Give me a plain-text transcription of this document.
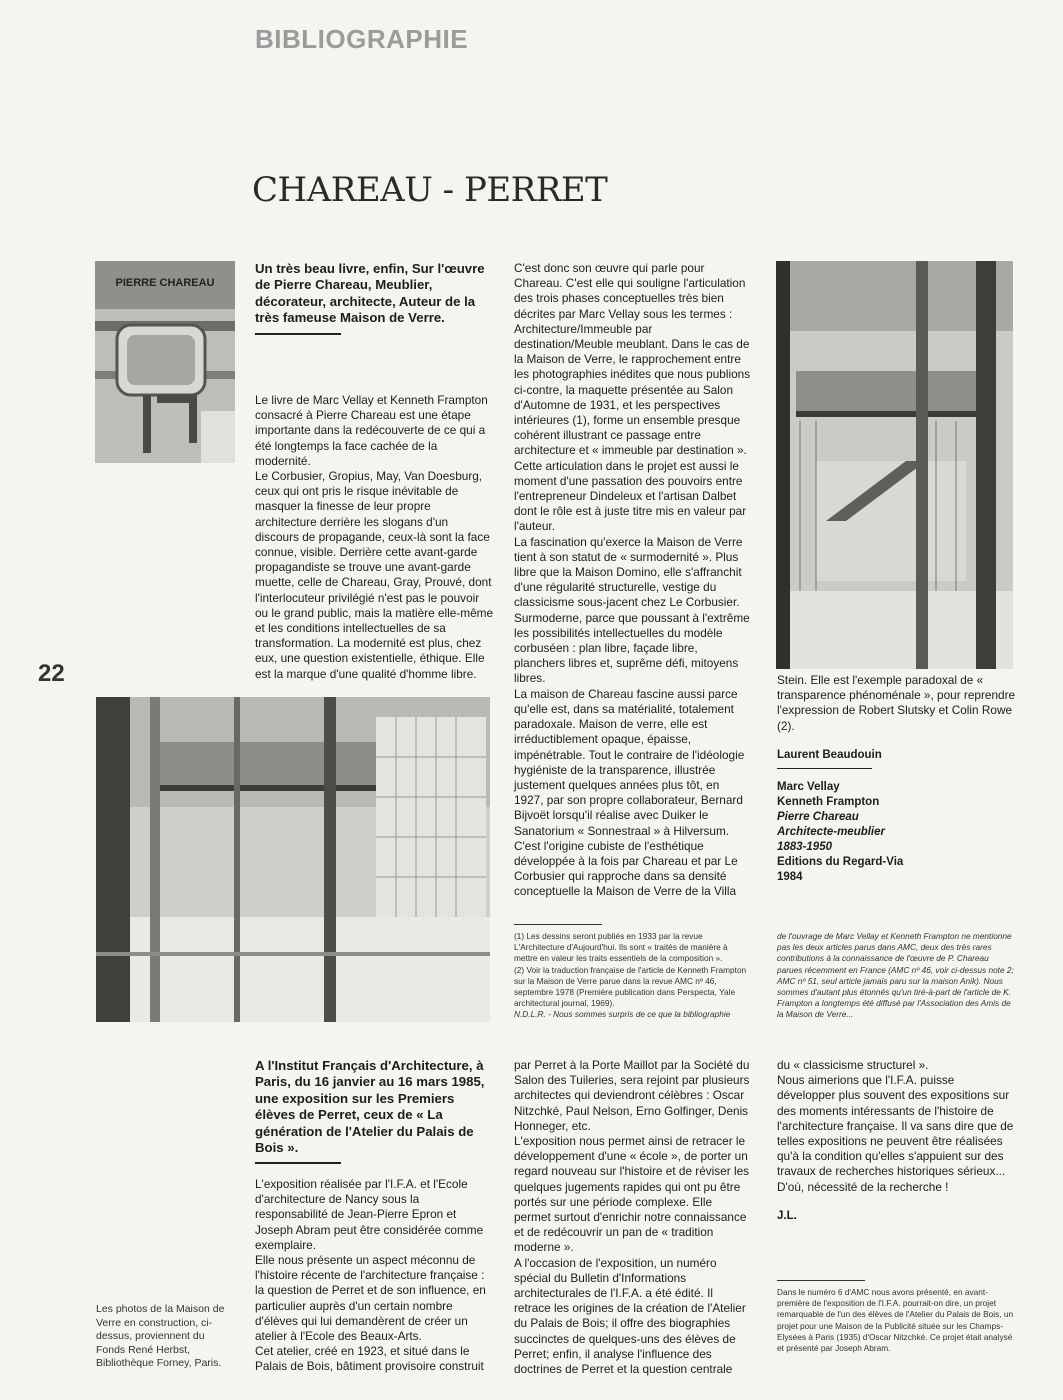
BIBLIOGRAPHIE
CHAREAU - PERRET
22
PIERRE CHAREAU

Un très beau livre, enfin, Sur l'œuvre de Pierre Chareau, Meublier, décorateur, architecte, Auteur de la très fameuse Maison de Verre.

Le livre de Marc Vellay et Kenneth Frampton consacré à Pierre Chareau est une étape importante dans la redécouverte de ce qui a été longtemps la face cachée de la modernité.

Le Corbusier, Gropius, May, Van Doesburg, ceux qui ont pris le risque inévitable de masquer la finesse de leur propre architecture derrière les slogans d'un discours de propagande, ceux-là sont la face connue, visible. Derrière cette avant-garde propagandiste se trouve une avant-garde muette, celle de Chareau, Gray, Prouvé, dont l'interlocuteur privilégié n'est pas le pouvoir ou le grand public, mais la matière elle-même et les conditions intellectuelles de sa transformation. La modernité est plus, chez eux, une question existentielle, éthique. Elle est la marque d'une qualité d'homme libre.

C'est donc son œuvre qui parle pour Chareau. C'est elle qui souligne l'articulation des trois phases conceptuelles très bien décrites par Marc Vellay sous les termes : Architecture/Immeuble par destination/Meuble meublant. Dans le cas de la Maison de Verre, le rapprochement entre les photographies inédites que nous publions ci-contre, la maquette présentée au Salon d'Automne de 1931, et les perspectives intérieures (1), forme un ensemble presque cohérent illustrant ce passage entre architecture et « immeuble par destination ». Cette articulation dans le projet est aussi le moment d'une passation des pouvoirs entre l'entrepreneur Dindeleux et l'artisan Dalbet dont le rôle est à juste titre mis en valeur par l'auteur.

La fascination qu'exerce la Maison de Verre tient à son statut de « surmodernité ». Plus libre que la Maison Domino, elle s'affranchit d'une régularité structurelle, vestige du classicisme sous-jacent chez Le Corbusier. Surmoderne, parce que poussant à l'extrême les possibilités intellectuelles du modèle corbuséen : plan libre, façade libre, planchers libres et, suprême défi, mitoyens libres.

La maison de Chareau fascine aussi parce qu'elle est, dans sa matérialité, totalement paradoxale. Maison de verre, elle est irréductiblement opaque, épaisse, impénétrable. Tout le contraire de l'idéologie hygiéniste de la transparence, illustrée justement quelques années plus tôt, en 1927, par son propre collaborateur, Bernard Bijvoët lorsqu'il réalise avec Duiker le Sanatorium « Sonnestraal » à Hilversum. C'est l'origine cubiste de l'esthétique développée à la fois par Chareau et par Le Corbusier qui rapproche dans sa densité conceptuelle la Maison de Verre de la Villa

Stein. Elle est l'exemple paradoxal de « transparence phénoménale », pour reprendre l'expression de Robert Slutsky et Colin Rowe (2).

Laurent Beaudouin
Marc Vellay
Kenneth Frampton
Pierre Chareau
Architecte-meublier
1883-1950
Editions du Regard-Via
1984

(1) Les dessins seront publiés en 1933 par la revue L'Architecture d'Aujourd'hui. Ils sont « traités de manière à mettre en valeur les traits essentiels de la composition ».

(2) Voir la traduction française de l'article de Kenneth Frampton sur la Maison de Verre parue dans la revue AMC nº 46, septembre 1978 (Première publication dans Perspecta, Yale architectural journal, 1969).

N.D.L.R. - Nous sommes surpris de ce que la bibliographie

de l'ouvrage de Marc Vellay et Kenneth Frampton ne mentionne pas les deux articles parus dans AMC, deux des très rares contributions à la connaissance de l'œuvre de P. Chareau parues récemment en France (AMC nº 46, voir ci-dessus note 2; AMC nº 51, seul article jamais paru sur la maison Anik). Nous sommes d'autant plus étonnés qu'un tiré-à-part de l'article de K. Frampton a longtemps été diffusé par l'Association des Amis de la Maison de Verre...

A l'Institut Français d'Architecture, à Paris, du 16 janvier au 16 mars 1985, une exposition sur les Premiers élèves de Perret, ceux de « La génération de l'Atelier du Palais de Bois ».

L'exposition réalisée par l'I.F.A. et l'Ecole d'architecture de Nancy sous la responsabilité de Jean-Pierre Epron et Joseph Abram peut être considérée comme exemplaire.

Elle nous présente un aspect méconnu de l'histoire récente de l'architecture française : la question de Perret et de son influence, en particulier auprès d'un certain nombre d'élèves qui lui demandèrent de créer un atelier à l'Ecole des Beaux-Arts.

Cet atelier, créé en 1923, et situé dans le Palais de Bois, bâtiment provisoire construit

par Perret à la Porte Maillot par la Société du Salon des Tuileries, sera rejoint par plusieurs architectes qui deviendront célèbres : Oscar Nitzchké, Paul Nelson, Erno Golfinger, Denis Honneger, etc.

L'exposition nous permet ainsi de retracer le développement d'une « école », de porter un regard nouveau sur l'histoire et de réviser les quelques jugements rapides qui ont pu être portés sur une période complexe. Elle permet surtout d'enrichir notre connaissance et de redécouvrir un pan de « tradition moderne ».

A l'occasion de l'exposition, un numéro spécial du Bulletin d'Informations architecturales de l'I.F.A. a été édité. Il retrace les origines de la création de l'Atelier du Palais de Bois; il offre des biographies succinctes de quelques-uns des élèves de Perret; enfin, il analyse l'influence des doctrines de Perret et la question centrale

du « classicisme structurel ».

Nous aimerions que l'I.F.A. puisse développer plus souvent des expositions sur des moments intéressants de l'histoire de l'architecture française. Il va sans dire que de telles expositions ne peuvent être réalisées qu'à la condition qu'elles s'appuient sur des travaux de recherches historiques sérieux...

D'où, nécessité de la recherche !

J.L.

Dans le numéro 6 d'AMC nous avons présenté, en avant-première de l'exposition de l'I.F.A. pourrait-on dire, un projet remarquable de l'un des élèves de l'Atelier du Palais de Bois, un projet pour une Maison de la Publicité située sur les Champs-Elysées à Paris (1935) d'Oscar Nitzchké. Ce projet était analysé et présenté par Joseph Abram.

Les photos de la Maison de Verre en construction, ci-dessus, proviennent du Fonds René Herbst, Bibliothèque Forney, Paris.
